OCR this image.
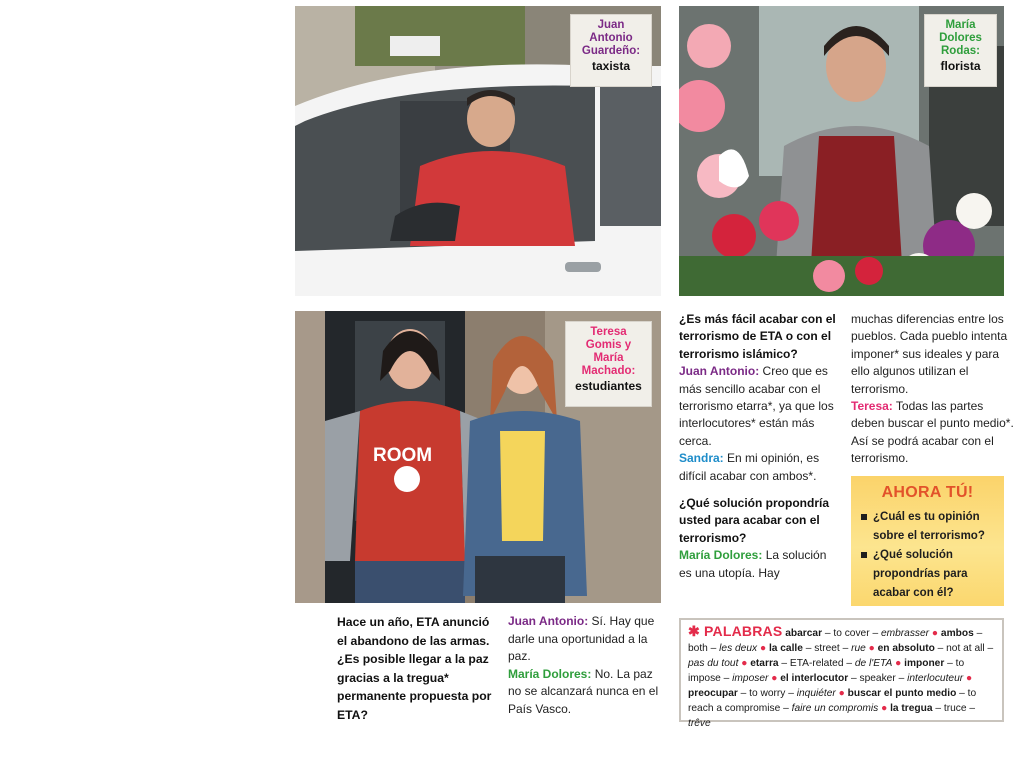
Juan
Antonio
Guardeño:
taxista
María
Dolores
Rodas:
florista
ROOM
Teresa
Gomis y
María
Machado:
estudiantes
Hace un año, ETA anunció el abandono de las armas. ¿Es posible llegar a la paz gracias a la tregua* permanente propuesta por ETA?
Juan Antonio: Sí. Hay que darle una oportunidad a la paz.
María Dolores: No. La paz no se alcanzará nunca en el País Vasco.
¿Es más fácil acabar con el terrorismo de ETA o con el terrorismo islámico?
Juan Antonio: Creo que es más sencillo acabar con el terrorismo etarra*, ya que los interlocutores* están más cerca.
Sandra: En mi opinión, es difícil acabar con ambos*.
¿Qué solución propondría usted para acabar con el terrorismo?
María Dolores: La solución es una utopía. Hay
muchas diferencias entre los pueblos. Cada pueblo intenta imponer* sus ideales y para ello algunos utilizan el terrorismo.
Teresa: Todas las partes deben buscar el punto medio*. Así se podrá acabar con el terrorismo.
AHORA TÚ!
¿Cuál es tu opinión sobre el terrorismo?
¿Qué solución propondrías para acabar con él?
✱ PALABRAS abarcar – to cover – embrasser ● ambos – both – les deux ● la calle – street – rue ● en absoluto – not at all – pas du tout ● etarra – ETA-related – de l'ETA ● imponer – to impose – imposer ● el interlocutor – speaker – interlocuteur ● preocupar – to worry – inquiéter ● buscar el punto medio – to reach a compromise – faire un compromis ● la tregua – truce – trêve
